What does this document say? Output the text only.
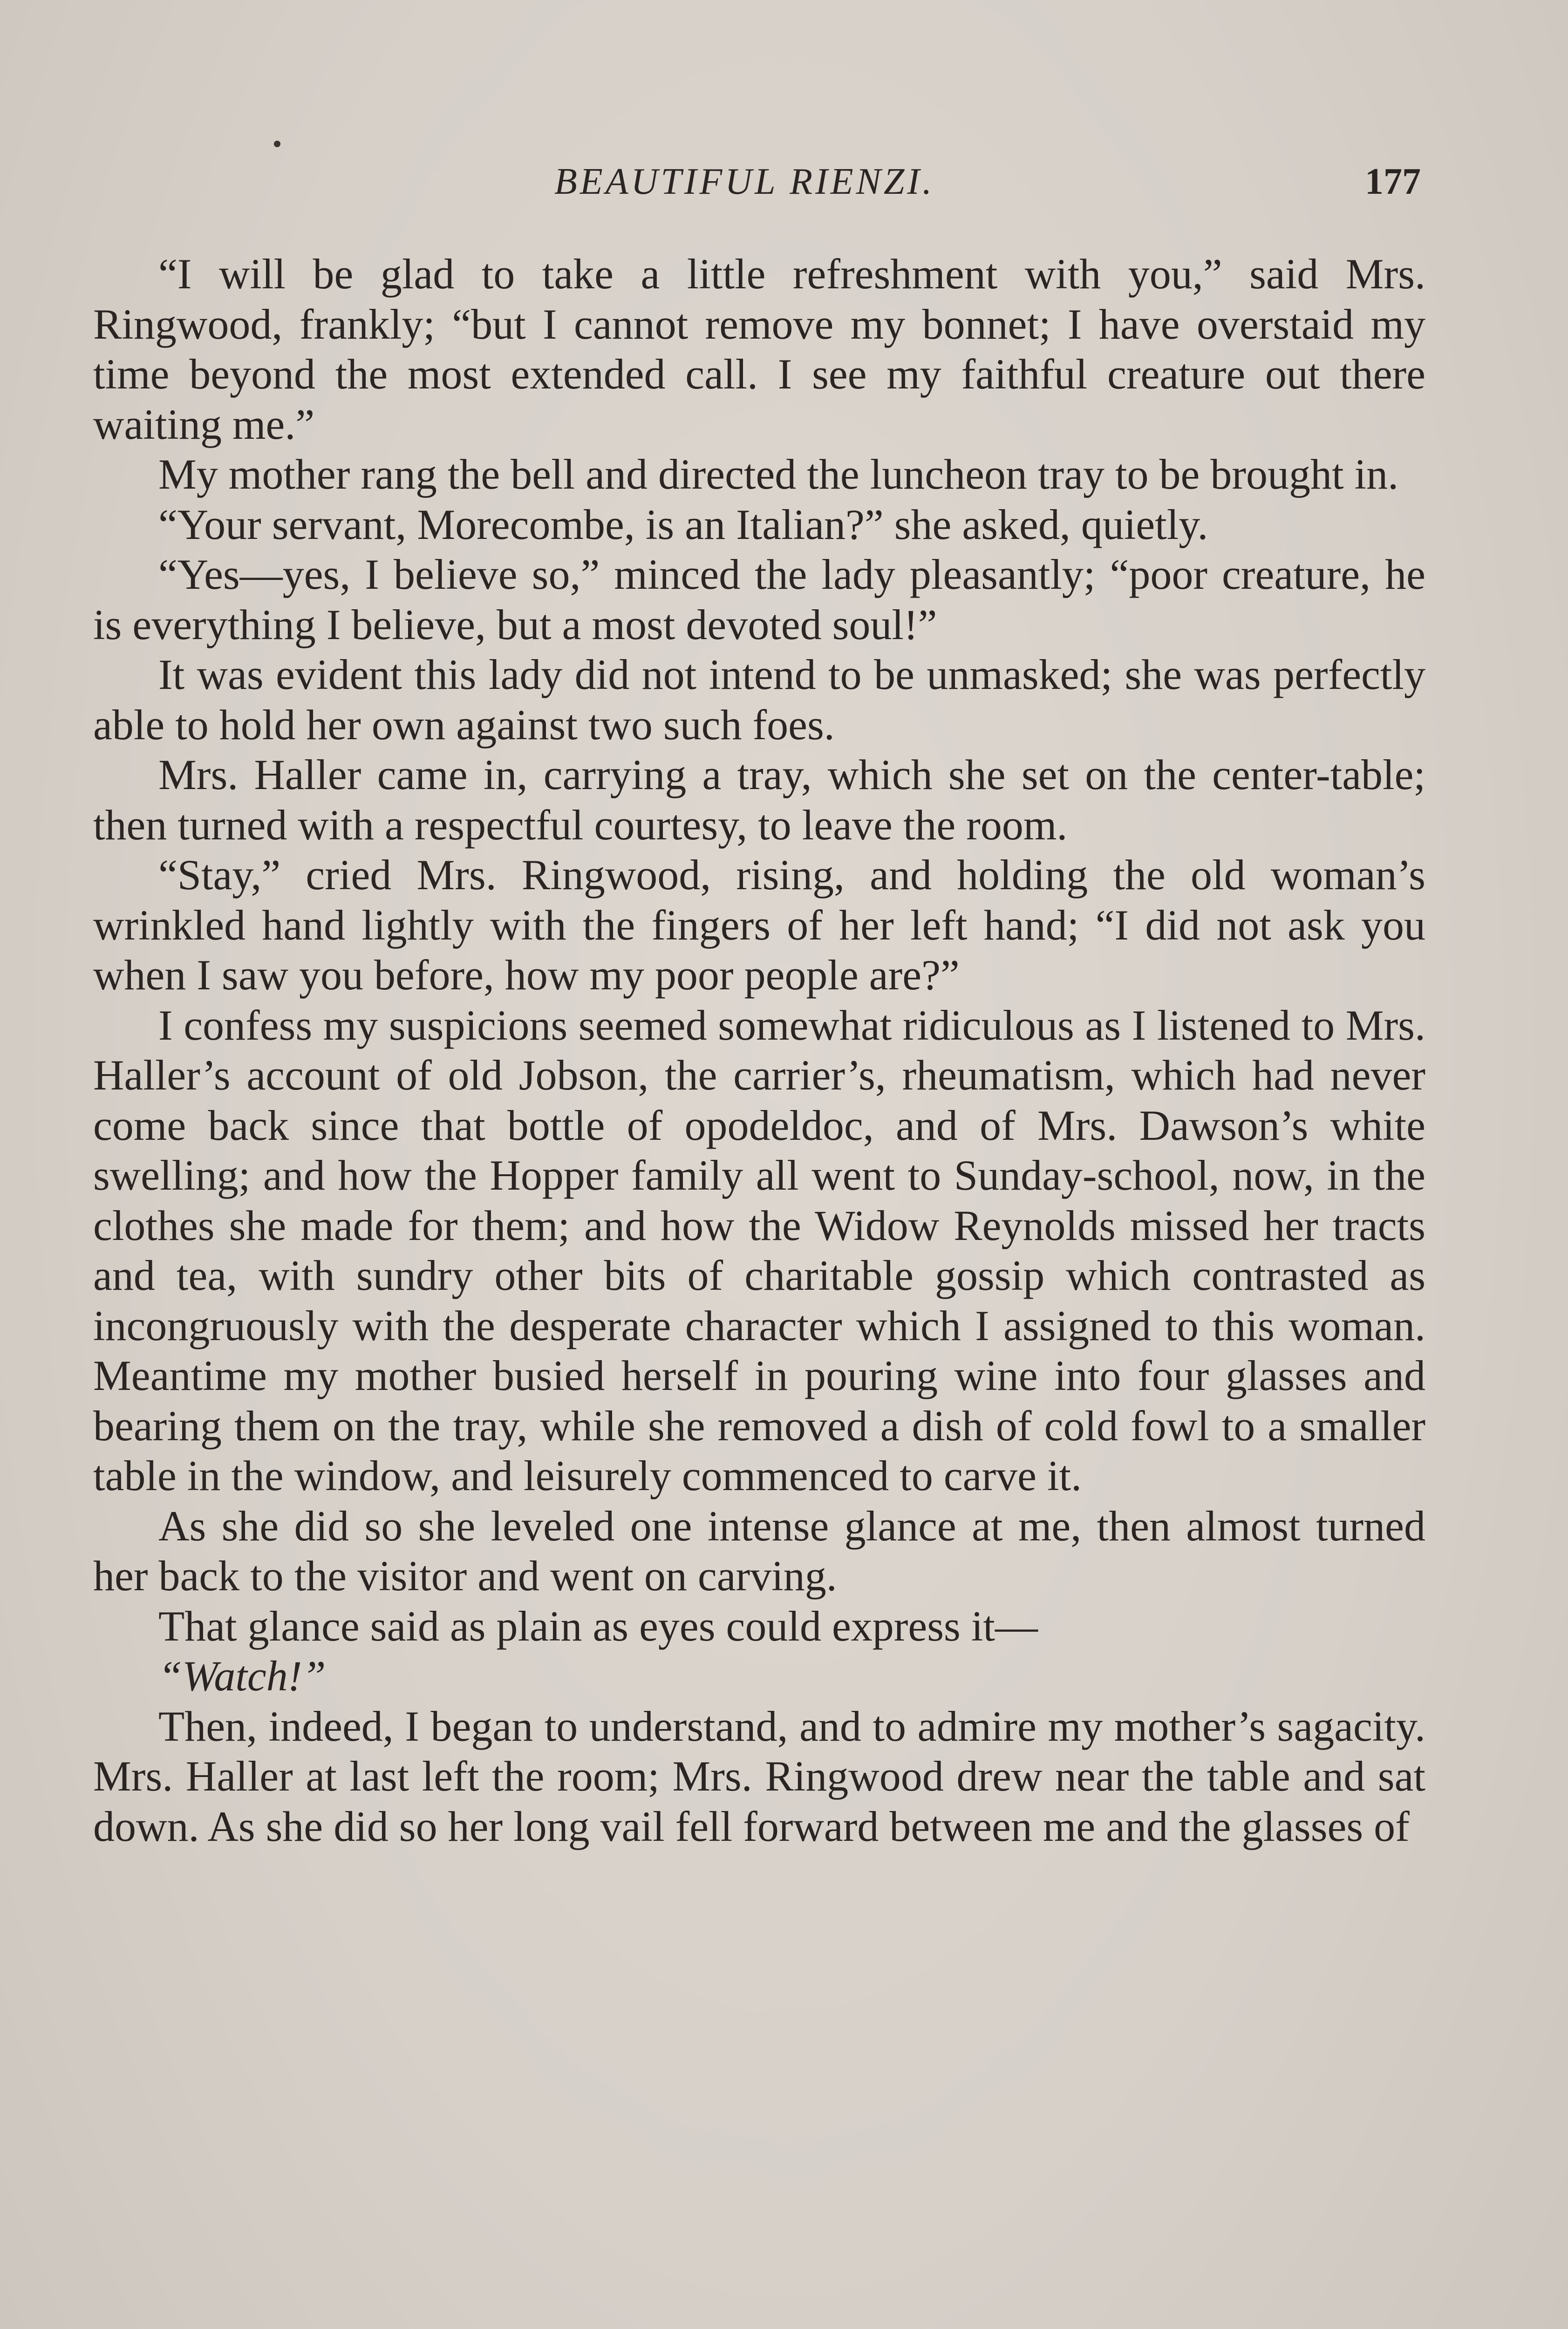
BEAUTIFUL RIENZI.	177

“I will be glad to take a little refreshment with you,” said Mrs. Ringwood, frankly; “but I cannot remove my bonnet; I have overstaid my time beyond the most extended call. I see my faithful creature out there waiting me.”

My mother rang the bell and directed the luncheon tray to be brought in.

“Your servant, Morecombe, is an Italian?” she asked, quietly.

“Yes—yes, I believe so,” minced the lady pleasantly; “poor creature, he is everything I believe, but a most devoted soul!”

It was evident this lady did not intend to be unmasked; she was perfectly able to hold her own against two such foes.

Mrs. Haller came in, carrying a tray, which she set on the center-table; then turned with a respectful courtesy, to leave the room.

“Stay,” cried Mrs. Ringwood, rising, and holding the old woman’s wrinkled hand lightly with the fingers of her left hand; “I did not ask you when I saw you before, how my poor people are?”

I confess my suspicions seemed somewhat ridiculous as I listened to Mrs. Haller’s account of old Jobson, the carrier’s, rheumatism, which had never come back since that bottle of opodeldoc, and of Mrs. Dawson’s white swelling; and how the Hopper family all went to Sunday-school, now, in the clothes she made for them; and how the Widow Reynolds missed her tracts and tea, with sundry other bits of charitable gossip which contrasted as incongruously with the desperate character which I assigned to this woman. Meantime my mother busied herself in pouring wine into four glasses and bearing them on the tray, while she removed a dish of cold fowl to a smaller table in the window, and leisurely commenced to carve it.

As she did so she leveled one intense glance at me, then almost turned her back to the visitor and went on carving.

That glance said as plain as eyes could express it—

“Watch!”

Then, indeed, I began to understand, and to admire my mother’s sagacity. Mrs. Haller at last left the room; Mrs. Ringwood drew near the table and sat down. As she did so her long vail fell forward between me and the glasses of
